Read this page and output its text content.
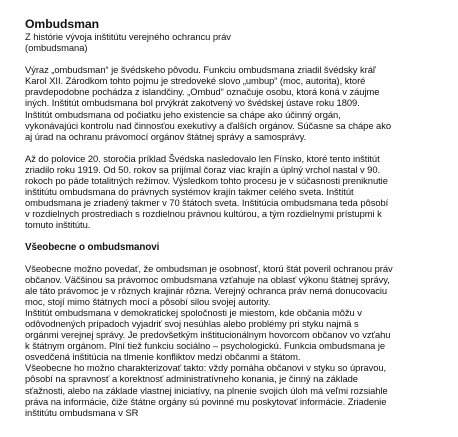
Ombudsman
Z histórie vývoja inštitútu verejného ochrancu práv
(ombudsmana)
Výraz „ombudsman“ je švédskeho pôvodu. Funkciu ombudsmana zriadil švédsky kráľ
Karol XII. Zárodkom tohto pojmu je stredoveké slovo „umbup“ (moc, autorita), ktoré
pravdepodobne pochádza z islandčiny. „Ombud“ označuje osobu, ktorá koná v záujme
iných. Inštitút ombudsmana bol prvýkrát zakotvený vo švédskej ústave roku 1809.
Inštitút ombudsmana od počiatku jeho existencie sa chápe ako účinný orgán,
vykonávajúci kontrolu nad činnosťou exekutívy a ďalších orgánov. Súčasne sa chápe ako
aj úrad na ochranu právomocí orgánov štátnej správy a samosprávy.
Až do polovice 20. storočia príklad Švédska nasledovalo len Fínsko, ktoré tento inštitút
zriadilo roku 1919. Od 50. rokov sa prijímal čoraz viac krajín a úplný vrchol nastal v 90.
rokoch po páde totalitných režimov. Výsledkom tohto procesu je v súčasnosti preniknutie
inštitútu ombudsmana do právnych systémov krajín takmer celého sveta. Inštitút
ombudsmana je zriadený takmer v 70 štátoch sveta. Inštitúcia ombudsmana teda pôsobí
v rozdielnych prostrediach s rozdielnou právnou kultúrou, a tým rozdielnymi prístupmi k
tomuto inštitútu.
Všeobecne o ombudsmanovi
Všeobecne možno povedať, že ombudsman je osobnosť, ktorú štát poveril ochranou práv
občanov. Väčšinou sa právomoc ombudsmana vzťahuje na oblasť výkonu štátnej správy,
ale táto právomoc je v rôznych krajinár rôzna. Verejný ochranca práv nemá donucovaciu
moc, stojí mimo štátnych mocí a pôsobí silou svojej autority.
Inštitút ombudsmana v demokratickej spoločnosti je miestom, kde občania môžu v
odôvodnených prípadoch vyjadriť svoj nesúhlas alebo problémy pri styku najmä s
orgánmi verejnej správy. Je predovšetkým inštitucionálnym hovorcom občanov vo vzťahu
k štátnym orgánom. Plní tiež funkciu sociálno – psychologickú. Funkcia ombudsmana je
osvedčená inštitúcia na tlmenie konfliktov medzi občanmi a štátom.
Všeobecne ho možno charakterizovať takto: vždy pomáha občanovi v styku so úpravou,
pôsobí na spravnosť a korektnosť administratívneho konania, je činný na základe
sťažnosti, alebo na základe vlastnej iniciatívy, na plnenie svojich úloh má veľmi rozsiahle
práva na informácie, čiže štátne orgány sú povinné mu poskytovať informácie. Zriadenie
inštitútu ombudsmana v SR
